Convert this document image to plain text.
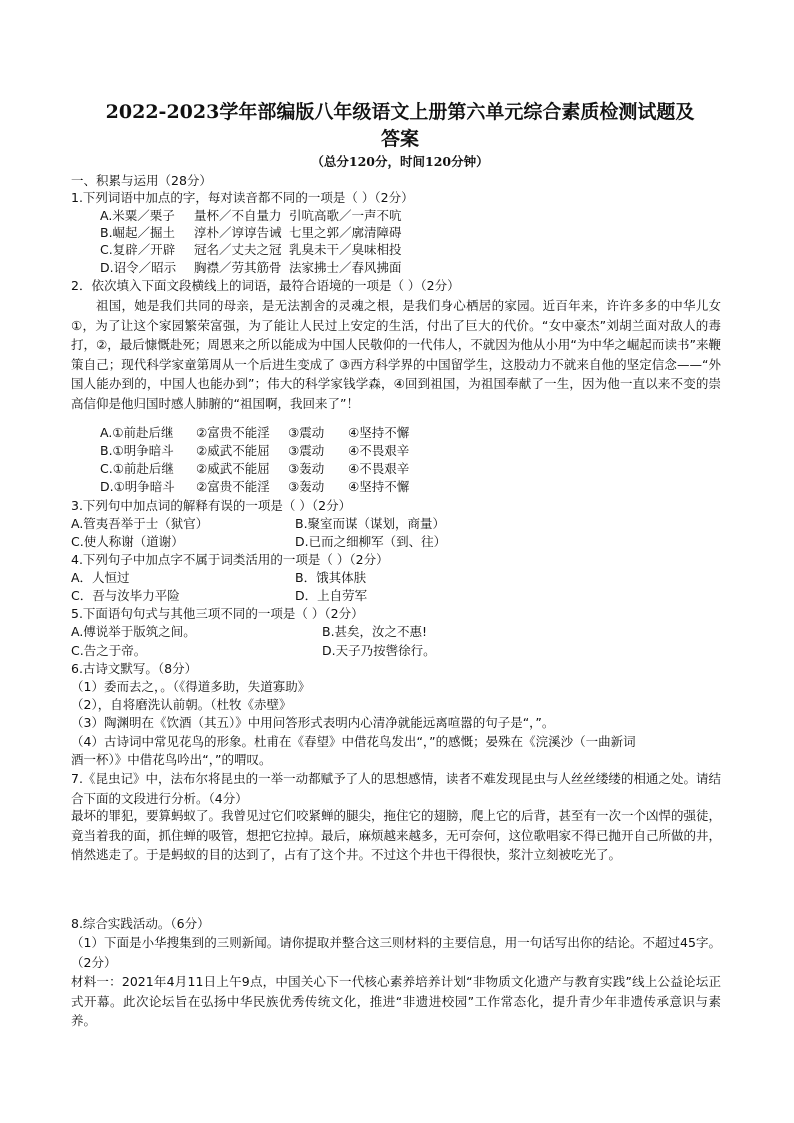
2022-2023学年部编版八年级语文上册第六单元综合素质检测试题及
答案
（总分120分，时间120分钟）
一、积累与运用（28分）
1.下列词语中加点的字，每对读音都不同的一项是（ ）（2分）
A.米粟／栗子 量杯／不自量力 引吭高歌／一声不吭
B.崛起／掘土 淳朴／谆谆告诫 七里之郭／廓清障碍
C.复辟／开辟 冠名／丈夫之冠 乳臭未干／臭味相投
D.诏令／昭示 胸襟／劳其筋骨 法家拂士／春风拂面
2．依次填入下面文段横线上的词语，最符合语境的一项是（ ）（2分）
祖国，她是我们共同的母亲，是无法割舍的灵魂之根，是我们身心栖居的家园。近百年来，许许多多的中华儿女 ①，为了让这个家园繁荣富强，为了能让人民过上安定的生活，付出了巨大的代价。“女中豪杰”刘胡兰面对敌人的毒打，②，最后慷慨赴死；周恩来之所以能成为中国人民敬仰的一代伟人，不就因为他从小用“为中华之崛起而读书”来鞭策自己；现代科学家童第周从一个后进生变成了 ③西方科学界的中国留学生，这股动力不就来自他的坚定信念——“外国人能办到的，中国人也能办到”；伟大的科学家钱学森，④回到祖国，为祖国奉献了一生，因为他一直以来不变的崇高信仰是他归国时感人肺腑的“祖国啊，我回来了”！
A.①前赴后继 ②富贵不能淫 ③震动 ④坚持不懈
B.①明争暗斗 ②威武不能屈 ③震动 ④不畏艰辛
C.①前赴后继 ②威武不能屈 ③轰动 ④不畏艰辛
D.①明争暗斗 ②富贵不能淫 ③轰动 ④坚持不懈
3.下列句中加点词的解释有误的一项是（ ）（2分）
A.管夷吾举于士（狱官）	B.聚室而谋（谋划，商量）
C.使人称谢（道谢）	D.已而之细柳军（到、往）
4.下列句子中加点字不属于词类活用的一项是（ ）（2分）
A．人恒过	B．饿其体肤
C．吾与汝毕力平险	D．上自劳军
5.下面语句句式与其他三项不同的一项是（ ）（2分）
A.傅说举于版筑之间。	B.甚矣，汝之不惠!
C.告之于帝。	D.天子乃按辔徐行。
6.古诗文默写。（8分）
（1）委而去之，。（《得道多助，失道寡助》
（2），自将磨洗认前朝。（杜牧《赤壁》
（3）陶渊明在《饮酒（其五）》中用问答形式表明内心清净就能远离喧嚣的句子是“，”。
（4）古诗词中常见花鸟的形象。杜甫在《春望》中借花鸟发出“，”的感慨；晏殊在《浣溪沙（一曲新词
酒一杯）》中借花鸟吟出“，”的喟叹。
7.《昆虫记》中，法布尔将昆虫的一举一动都赋予了人的思想感情，读者不难发现昆虫与人丝丝缕缕的相通之处。请结合下面的文段进行分析。（4分）
最坏的罪犯，要算蚂蚁了。我曾见过它们咬紧蝉的腿尖，拖住它的翅膀，爬上它的后背，甚至有一次一个凶悍的强徒，竟当着我的面，抓住蝉的吸管，想把它拉掉。最后，麻烦越来越多，无可奈何，这位歌唱家不得已抛开自己所做的井，悄然逃走了。于是蚂蚁的目的达到了，占有了这个井。不过这个井也干得很快，浆汁立刻被吃光了。
8.综合实践活动。（6分）
（1）下面是小华搜集到的三则新闻。请你提取并整合这三则材料的主要信息，用一句话写出你的结论。不超过45字。（2分）
材料一：2021年4月11日上午9点，中国关心下一代核心素养培养计划“非物质文化遗产与教育实践”线上公益论坛正式开幕。此次论坛旨在弘扬中华民族优秀传统文化，推进“非遗进校园”工作常态化，提升青少年非遗传承意识与素养。
